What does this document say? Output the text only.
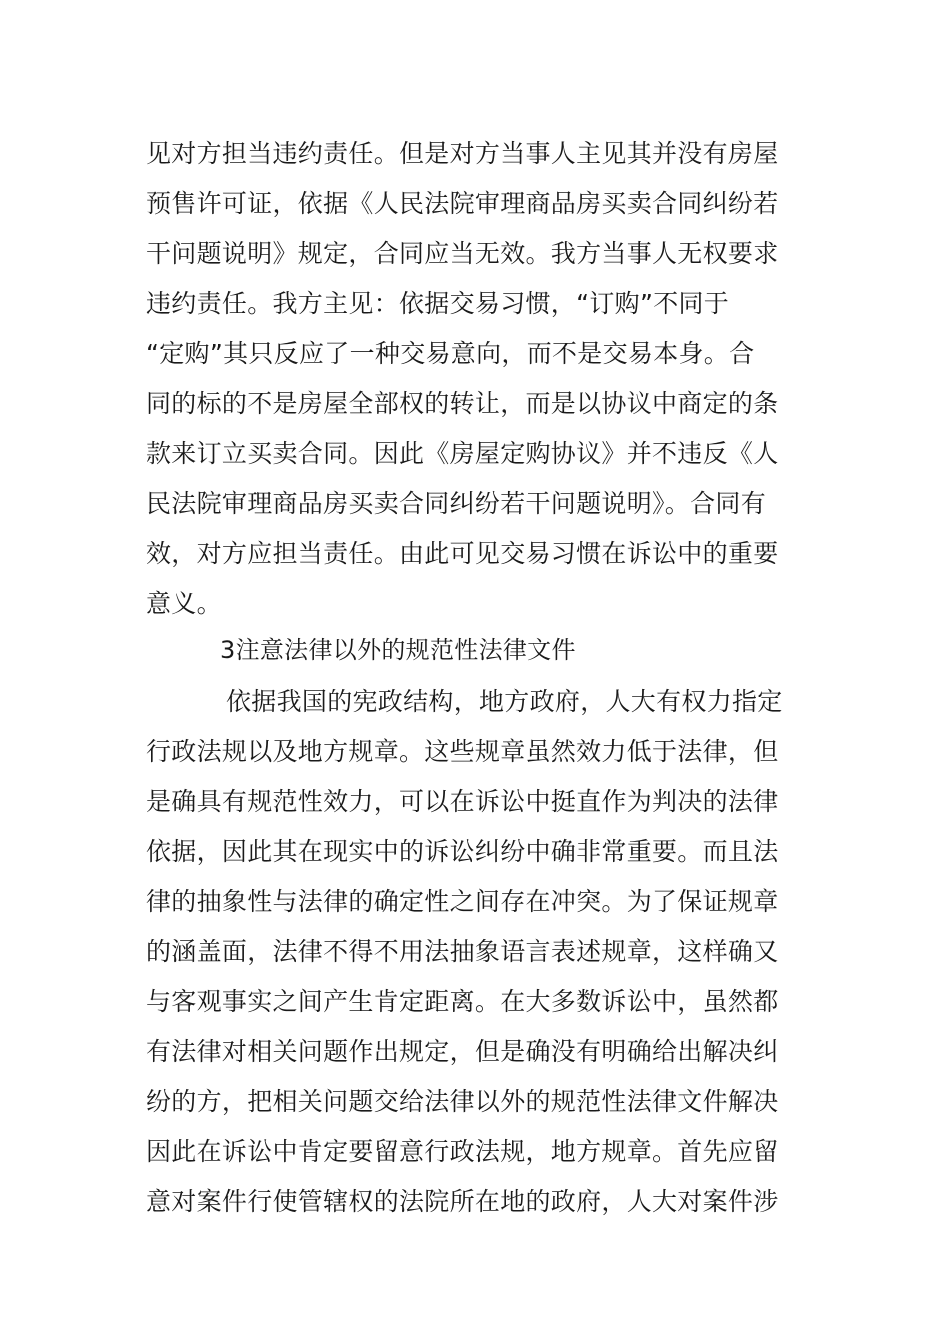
见对方担当违约责任。但是对方当事人主见其并没有房屋
预售许可证，依据《人民法院审理商品房买卖合同纠纷若
干问题说明》规定，合同应当无效。我方当事人无权要求
违约责任。我方主见：依据交易习惯，“订购”不同于
“定购”其只反应了一种交易意向，而不是交易本身。合
同的标的不是房屋全部权的转让，而是以协议中商定的条
款来订立买卖合同。因此《房屋定购协议》并不违反《人
民法院审理商品房买卖合同纠纷若干问题说明》。合同有
效，对方应担当责任。由此可见交易习惯在诉讼中的重要
意义。
3注意法律以外的规范性法律文件
依据我国的宪政结构，地方政府，人大有权力指定
行政法规以及地方规章。这些规章虽然效力低于法律，但
是确具有规范性效力，可以在诉讼中挺直作为判决的法律
依据，因此其在现实中的诉讼纠纷中确非常重要。而且法
律的抽象性与法律的确定性之间存在冲突。为了保证规章
的涵盖面，法律不得不用法抽象语言表述规章，这样确又
与客观事实之间产生肯定距离。在大多数诉讼中，虽然都
有法律对相关问题作出规定，但是确没有明确给出解决纠
纷的方，把相关问题交给法律以外的规范性法律文件解决
因此在诉讼中肯定要留意行政法规，地方规章。首先应留
意对案件行使管辖权的法院所在地的政府，人大对案件涉
